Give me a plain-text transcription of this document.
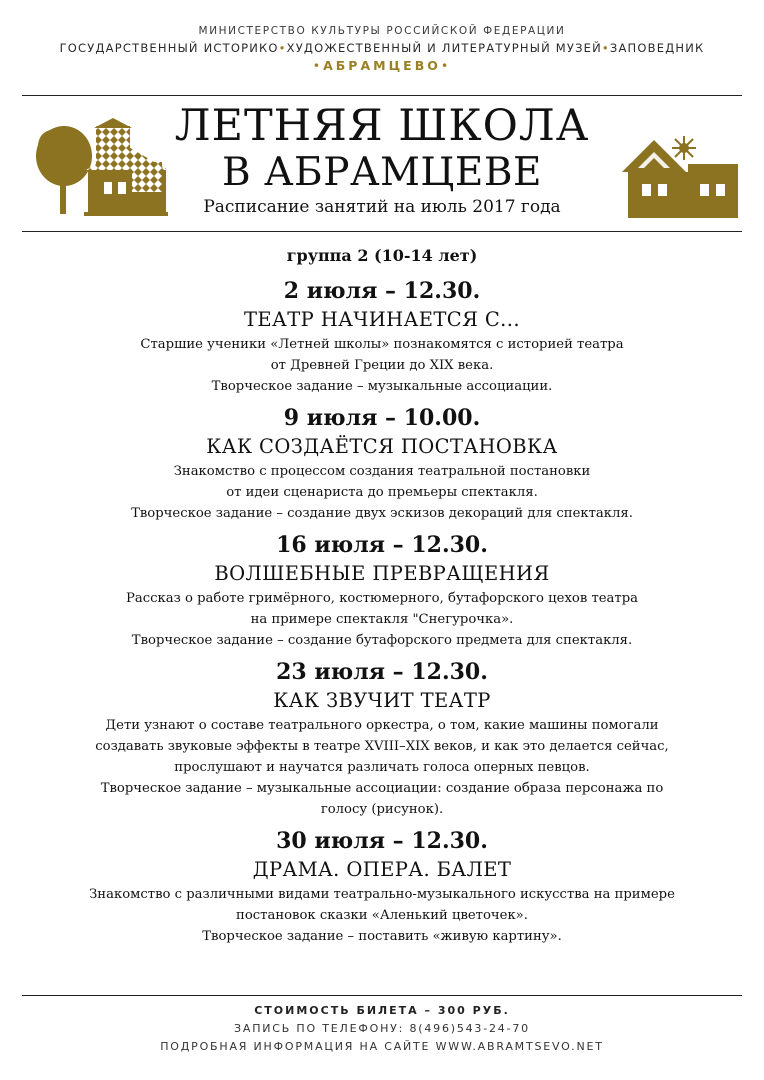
МИНИСТЕРСТВО КУЛЬТУРЫ РОССИЙСКОЙ ФЕДЕРАЦИИ
ГОСУДАРСТВЕННЫЙ ИСТОРИКО•ХУДОЖЕСТВЕННЫЙ И ЛИТЕРАТУРНЫЙ МУЗЕЙ•ЗАПОВЕДНИК
•АБРАМЦЕВО•
ЛЕТНЯЯ ШКОЛА
В АБРАМЦЕВЕ
Расписание занятий на июль 2017 года
группа 2 (10-14 лет)
2 июля – 12.30.
ТЕАТР НАЧИНАЕТСЯ С...
Старшие ученики «Летней школы» познакомятся с историей театра
от Древней Греции до XIX века.
Творческое задание – музыкальные ассоциации.
9 июля – 10.00.
КАК СОЗДАЁТСЯ ПОСТАНОВКА
Знакомство с процессом создания театральной постановки
от идеи сценариста до премьеры спектакля.
Творческое задание – создание двух эскизов декораций для спектакля.
16 июля – 12.30.
ВОЛШЕБНЫЕ ПРЕВРАЩЕНИЯ
Рассказ о работе гримёрного, костюмерного, бутафорского цехов театра
на примере спектакля "Снегурочка».
Творческое задание – создание бутафорского предмета для спектакля.
23 июля – 12.30.
КАК ЗВУЧИТ ТЕАТР
Дети узнают о составе театрального оркестра, о том, какие машины помогали
создавать звуковые эффекты в театре XVIII–XIX веков, и как это делается сейчас,
прослушают и научатся различать голоса оперных певцов.
Творческое задание – музыкальные ассоциации: создание образа персонажа по
голосу (рисунок).
30 июля – 12.30.
ДРАМА. ОПЕРА. БАЛЕТ
Знакомство с различными видами театрально-музыкального искусства на примере
постановок сказки «Аленький цветочек».
Творческое задание – поставить «живую картину».
СТОИМОСТЬ БИЛЕТА – 300 РУБ.
ЗАПИСЬ ПО ТЕЛЕФОНУ: 8(496)543-24-70
ПОДРОБНАЯ ИНФОРМАЦИЯ НА САЙТЕ WWW.ABRAMTSEVO.NET
